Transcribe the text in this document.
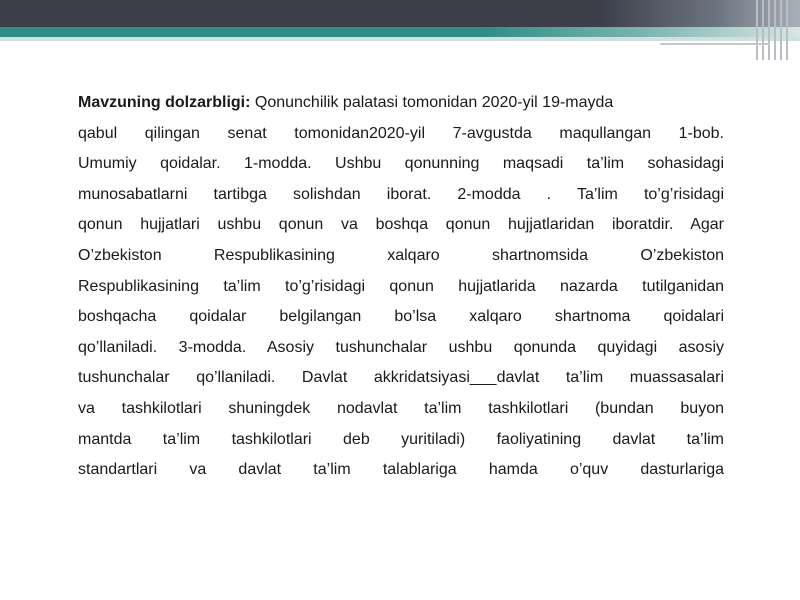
Mavzuning dolzarbligi: Qonunchilik palatasi tomonidan 2020-yil 19-mayda
qabul qilingan senat tomonidan2020-yil 7-avgustda maqullangan 1-bob.
Umumiy qoidalar. 1-modda. Ushbu qonunning maqsadi ta’lim sohasidagi
munosabatlarni tartibga solishdan iborat. 2-modda . Ta’lim to’g’risidagi
qonun hujjatlari ushbu qonun va boshqa qonun hujjatlaridan iboratdir. Agar
O’zbekiston Respublikasining xalqaro shartnomsida O’zbekiston
Respublikasining ta’lim to’g’risidagi qonun hujjatlarida nazarda tutilganidan
boshqacha qoidalar belgilangan bo’lsa xalqaro shartnoma qoidalari
qo’llaniladi. 3-modda. Asosiy tushunchalar ushbu qonunda quyidagi asosiy
tushunchalar qo’llaniladi. Davlat akkridatsiyasi___davlat ta’lim muassasalari
va tashkilotlari shuningdek nodavlat ta’lim tashkilotlari (bundan buyon
mantda ta’lim tashkilotlari deb yuritiladi) faoliyatining davlat ta’lim
standartlari va davlat ta’lim talablariga hamda o’quv dasturlariga
